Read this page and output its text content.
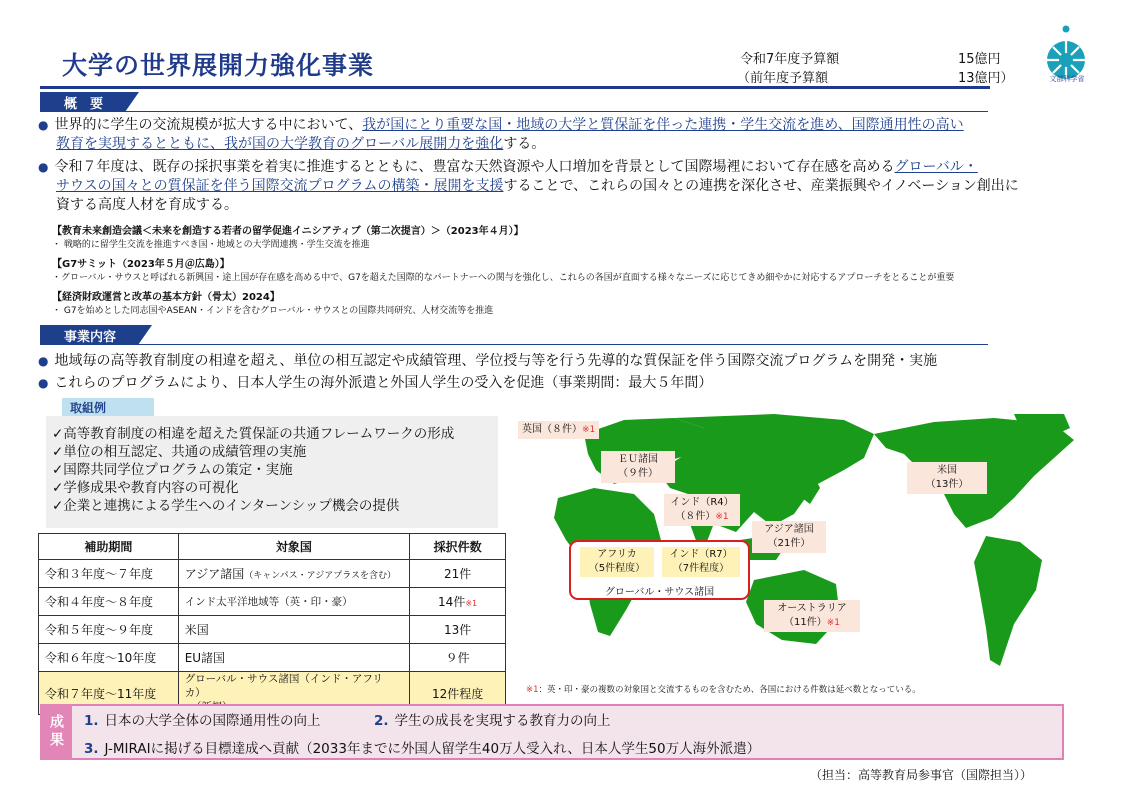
大学の世界展開力強化事業	令和7年度予算額	15億円
（前年度予算額	13億円）	文部科学省
概　要
● 世界的に学生の交流規模が拡大する中において、我が国にとり重要な国・地域の大学と質保証を伴った連携・学生交流を進め、国際通用性の高い
教育を実現するとともに、我が国の大学教育のグローバル展開力を強化する。
● 令和７年度は、既存の採択事業を着実に推進するとともに、豊富な天然資源や人口増加を背景として国際場裡において存在感を高めるグローバル・
サウスの国々との質保証を伴う国際交流プログラムの構築・展開を支援することで、これらの国々との連携を深化させ、産業振興やイノベーション創出に
資する高度人材を育成する。
【教育未来創造会議＜未来を創造する若者の留学促進イニシアティブ（第二次提言）＞（2023年４月）】
・ 戦略的に留学生交流を推進すべき国・地域との大学間連携・学生交流を推進
【G7サミット（2023年５月＠広島）】
・グローバル・サウスと呼ばれる新興国・途上国が存在感を高める中で、G7を超えた国際的なパートナーへの関与を強化し、これらの各国が直面する様々なニーズに応じてきめ細やかに対応するアプローチをとることが重要
【経済財政運営と改革の基本方針（骨太）2024】
・ G7を始めとした同志国やASEAN・インドを含むグローバル・サウスとの国際共同研究、人材交流等を推進
事業内容
● 地域毎の高等教育制度の相違を超え、単位の相互認定や成績管理、学位授与等を行う先導的な質保証を伴う国際交流プログラムを開発・実施
● これらのプログラムにより、日本人学生の海外派遣と外国人学生の受入を促進（事業期間：最大５年間）
取組例
✓高等教育制度の相違を超えた質保証の共通フレームワークの形成
✓単位の相互認定、共通の成績管理の実施
✓国際共同学位プログラムの策定・実施
✓学修成果や教育内容の可視化
✓企業と連携による学生へのインターンシップ機会の提供
補助期間	対象国	採択件数
令和３年度～７年度	アジア諸国（キャンパス・アジアプラスを含む）	21件
令和４年度～８年度	インド太平洋地域等（英・印・豪）	14件※1
令和５年度～９年度	米国	13件
令和６年度～10年度	EU諸国	９件
令和７年度～11年度	グローバル・サウス諸国（インド・アフリカ）	12件程度
英国（８件）※1
ＥＵ諸国
（９件）
インド（R4）
（８件）※1
アジア諸国
（21件）
米国
（13件）
アフリカ
（5件程度）
インド（R7）
（7件程度）
グローバル・サウス諸国
オーストラリア
（11件）※1
※1：英・印・豪の複数の対象国と交流するものを含むため、各国における件数は延べ数となっている。
成果	1. 日本の大学全体の国際通用性の向上	2. 学生の成長を実現する教育力の向上
3. J-MIRAIに掲げる目標達成へ貢献（2033年までに外国人留学生40万人受入れ、日本人学生50万人海外派遣）
（担当：高等教育局参事官（国際担当））
